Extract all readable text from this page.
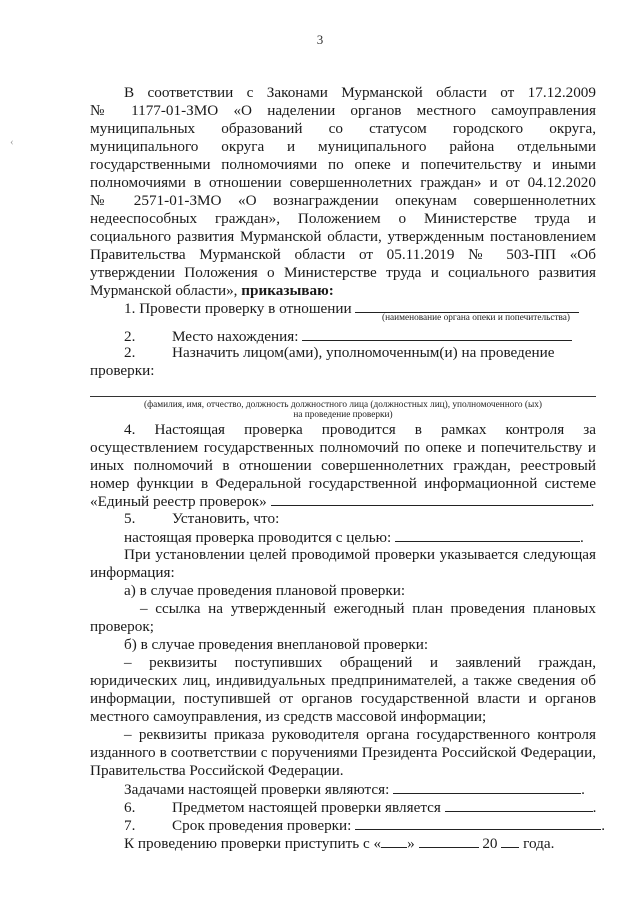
3
‹
В соответствии с Законами Мурманской области от 17.12.2009
№ 1177-01-ЗМО «О наделении органов местного самоуправления
муниципальных образований со статусом городского округа,
муниципального округа и муниципального района отдельными
государственными полномочиями по опеке и попечительству и иными
полномочиями в отношении совершеннолетних граждан» и от 04.12.2020
№ 2571-01-ЗМО «О вознаграждении опекунам совершеннолетних
недееспособных граждан», Положением о Министерстве труда и
социального развития Мурманской области, утвержденным постановлением
Правительства Мурманской области от 05.11.2019 № 503-ПП «Об
утверждении Положения о Министерстве труда и социального развития
Мурманской области», приказываю:
1. Провести проверку в отношении
(наименование органа опеки и попечительства)
2. Место нахождения:
2. Назначить лицом(ами), уполномоченным(и) на проведение
проверки:
(фамилия, имя, отчество, должность должностного лица (должностных лиц), уполномоченного (ых)
на проведение проверки)
4. Настоящая проверка проводится в рамках контроля за
осуществлением государственных полномочий по опеке и попечительству и
иных полномочий в отношении совершеннолетних граждан, реестровый
номер функции в Федеральной государственной информационной системе
«Единый реестр проверок»	.
5. Установить, что:
настоящая проверка проводится с целью:	.
При установлении целей проводимой проверки указывается следующая
информация:
а) в случае проведения плановой проверки:
– ссылка на утвержденный ежегодный план проведения плановых
проверок;
б) в случае проведения внеплановой проверки:
– реквизиты поступивших обращений и заявлений граждан,
юридических лиц, индивидуальных предпринимателей, а также сведения об
информации, поступившей от органов государственной власти и органов
местного самоуправления, из средств массовой информации;
– реквизиты приказа руководителя органа государственного контроля
изданного в соответствии с поручениями Президента Российской Федерации,
Правительства Российской Федерации.
Задачами настоящей проверки являются:	.
6. Предметом настоящей проверки является	.
7. Срок проведения проверки:	.
К проведению проверки приступить с « »	20 года.
